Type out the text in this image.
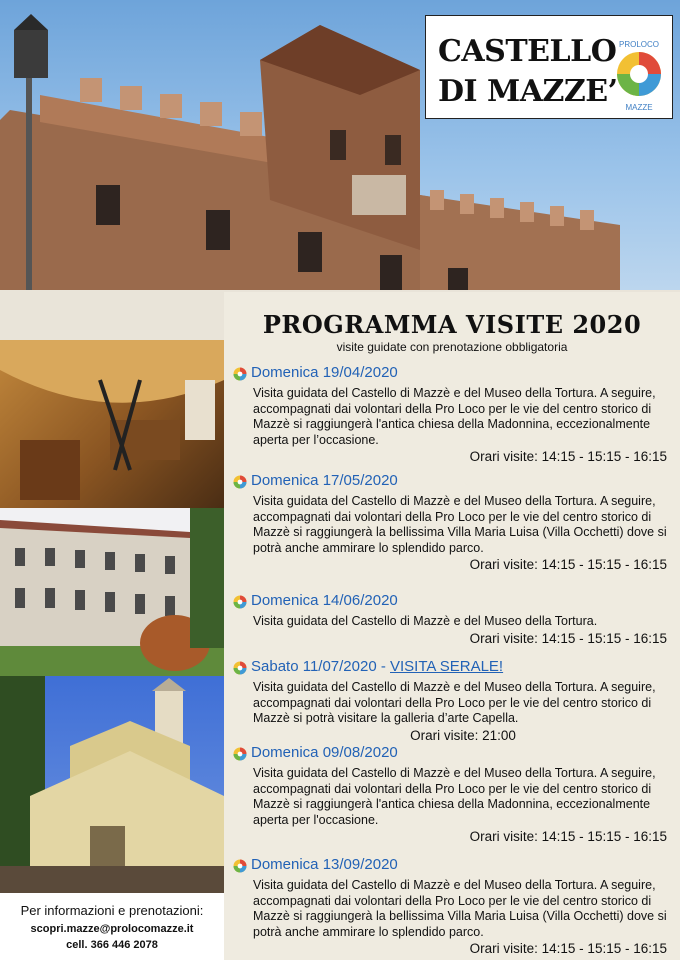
CASTELLO
DI MAZZE’
PROLOCO
MAZZE
Per informazioni e prenotazioni:
scopri.mazze@prolocomazze.it
cell. 366 446 2078
PROGRAMMA VISITE 2020
visite guidate con prenotazione obbligatoria
Domenica 19/04/2020
Visita guidata del Castello di Mazzè e del Museo della Tortura. A seguire, accompagnati dai volontari della Pro Loco per le vie del centro storico di Mazzè si raggiungerà l'antica chiesa della Madonnina, eccezionalmente aperta per l’occasione.
Orari visite: 14:15 - 15:15 - 16:15
Domenica 17/05/2020
Visita guidata del Castello di Mazzè e del Museo della Tortura. A seguire, accompagnati dai volontari della Pro Loco per le vie del centro storico di Mazzè si raggiungerà la bellissima Villa Maria Luisa (Villa Occhetti) dove si potrà anche ammirare lo splendido parco.
Orari visite: 14:15 - 15:15 - 16:15
Domenica 14/06/2020
Visita guidata del Castello di Mazzè e del Museo della Tortura.
Orari visite: 14:15 - 15:15 - 16:15
Sabato 11/07/2020 - VISITA SERALE!
Visita guidata del Castello di Mazzè e del Museo della Tortura. A seguire, accompagnati dai volontari della Pro Loco per le vie del centro storico di Mazzè si potrà visitare la galleria d’arte Capella.
Orari visite: 21:00
Domenica 09/08/2020
Visita guidata del Castello di Mazzè e del Museo della Tortura. A seguire, accompagnati dai volontari della Pro Loco per le vie del centro storico di Mazzè si raggiungerà l'antica chiesa della Madonnina, eccezionalmente aperta per l'occasione.
Orari visite: 14:15 - 15:15 - 16:15
Domenica 13/09/2020
Visita guidata del Castello di Mazzè e del Museo della Tortura. A seguire, accompagnati dai volontari della Pro Loco per le vie del centro storico di Mazzè si raggiungerà la bellissima Villa Maria Luisa (Villa Occhetti) dove si potrà anche ammirare lo splendido parco.
Orari visite: 14:15 - 15:15 - 16:15
